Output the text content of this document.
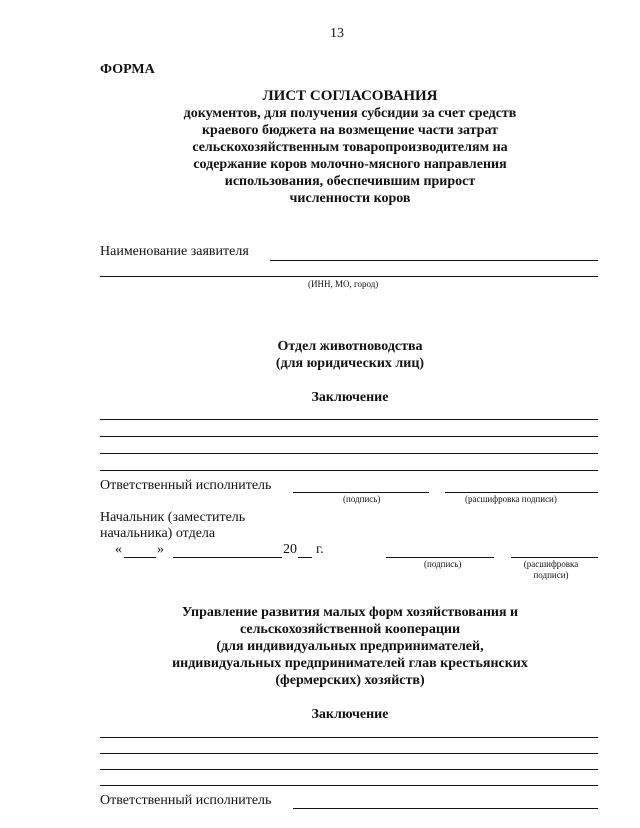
13
ФОРМА
ЛИСТ СОГЛАСОВАНИЯ
документов, для получения субсидии за счет средств
краевого бюджета на возмещение части затрат
сельскохозяйственным товаропроизводителям на
содержание коров молочно-мясного направления
использования, обеспечившим прирост
численности коров
Наименование заявителя
(ИНН, МО, город)
Отдел животноводства
(для юридических лиц)
Заключение
Ответственный исполнитель
(подпись)	(расшифровка подписи)
Начальник (заместитель
начальника) отдела
«	»	20 г.
(подпись)	(расшифровка
подписи)
Управление развития малых форм хозяйствования и
сельскохозяйственной кооперации
(для индивидуальных предпринимателей,
индивидуальных предпринимателей глав крестьянских
(фермерских) хозяйств)
Заключение
Ответственный исполнитель
